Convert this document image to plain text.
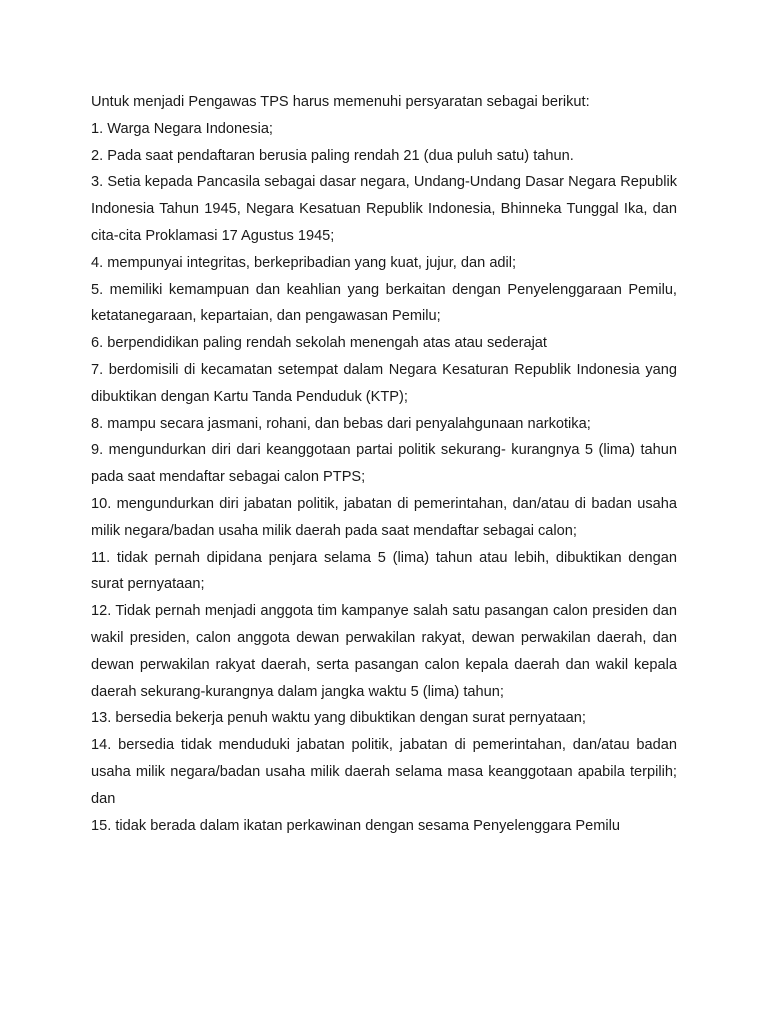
Untuk menjadi Pengawas TPS harus memenuhi persyaratan sebagai berikut:

1. Warga Negara Indonesia;
2. Pada saat pendaftaran berusia paling rendah 21 (dua puluh satu) tahun.
3. Setia kepada Pancasila sebagai dasar negara, Undang-Undang Dasar Negara Republik Indonesia Tahun 1945, Negara Kesatuan Republik Indonesia, Bhinneka Tunggal Ika, dan cita-cita Proklamasi 17 Agustus 1945;
4. mempunyai integritas, berkepribadian yang kuat, jujur, dan adil;
5. memiliki kemampuan dan keahlian yang berkaitan dengan Penyelenggaraan Pemilu, ketatanegaraan, kepartaian, dan pengawasan Pemilu;
6. berpendidikan paling rendah sekolah menengah atas atau sederajat
7. berdomisili di kecamatan setempat dalam Negara Kesaturan Republik Indonesia yang dibuktikan dengan Kartu Tanda Penduduk (KTP);
8. mampu secara jasmani, rohani, dan bebas dari penyalahgunaan narkotika;
9. mengundurkan diri dari keanggotaan partai politik sekurang- kurangnya 5 (lima) tahun pada saat mendaftar sebagai calon PTPS;
10. mengundurkan diri jabatan politik, jabatan di pemerintahan, dan/atau di badan usaha milik negara/badan usaha milik daerah pada saat mendaftar sebagai calon;
11. tidak pernah dipidana penjara selama 5 (lima) tahun atau lebih, dibuktikan dengan surat pernyataan;
12. Tidak pernah menjadi anggota tim kampanye salah satu pasangan calon presiden dan wakil presiden, calon anggota dewan perwakilan rakyat, dewan perwakilan daerah, dan dewan perwakilan rakyat daerah, serta pasangan calon kepala daerah dan wakil kepala daerah sekurang-kurangnya dalam jangka waktu 5 (lima) tahun;
13. bersedia bekerja penuh waktu yang dibuktikan dengan surat pernyataan;
14. bersedia tidak menduduki jabatan politik, jabatan di pemerintahan, dan/atau badan usaha milik negara/badan usaha milik daerah selama masa keanggotaan apabila terpilih; dan
15. tidak berada dalam ikatan perkawinan dengan sesama Penyelenggara Pemilu
